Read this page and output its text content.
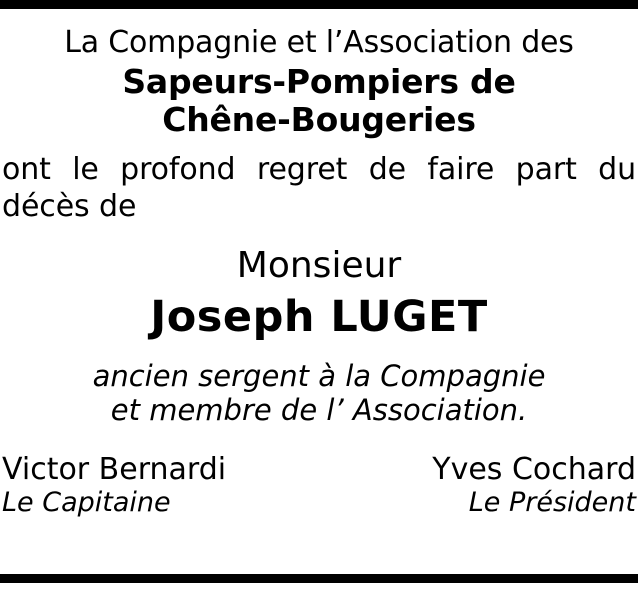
La Compagnie et l’Association des
Sapeurs-Pompiers de
Chêne-Bougeries
ont le profond regret de faire part du
décès de
Monsieur
Joseph LUGET
ancien sergent à la Compagnie
et membre de l’ Association.
Victor Bernardi
Le Capitaine
Yves Cochard
Le Président
